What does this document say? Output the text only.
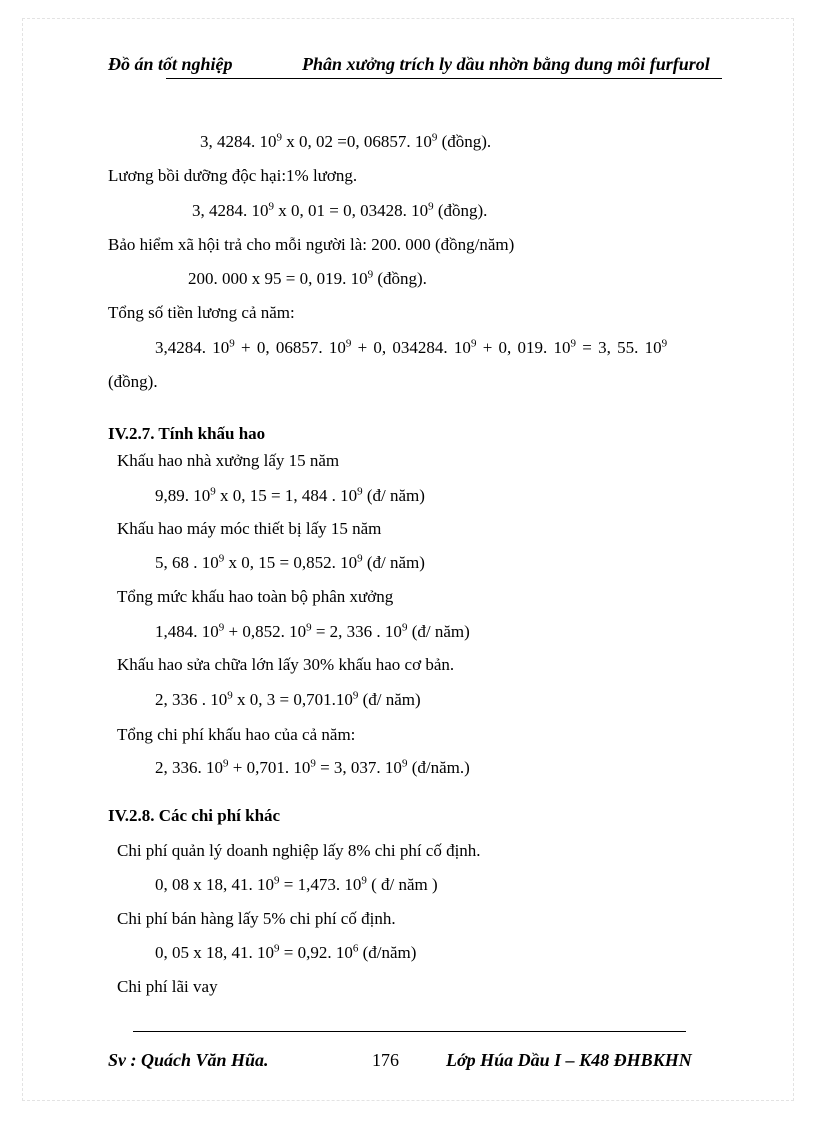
Đồ án tốt nghiệp	Phân xưởng trích ly dầu nhờn bằng dung môi furfurol
3, 4284. $10^9$ x 0, 02 =0, 06857. $10^9$ (đồng).
Lương bồi dưỡng độc hại:1% lương.
3, 4284. $10^9$ x 0, 01 = 0, 03428. $10^9$ (đồng).
Bảo hiểm xã hội trả cho mỗi người là: 200. 000 (đồng/năm)
200. 000 x 95 = 0, 019. $10^9$ (đồng).
Tổng số tiền lương cả năm:
3,4284. $10^9 + 0$, 06857. $10^9 + 0$, 034284. $10^9 + 0$, 019. $10^9 = 3$, 55. $10^9$
(đồng).
IV.2.7. Tính khấu hao
Khấu hao nhà xưởng lấy 15 năm
9,89. $10^9$ x 0, 15 = 1, 484 . $10^9$ (đ/ năm)
Khấu hao máy móc thiết bị lấy 15 năm
5, 68 . $10^9$ x 0, 15 = 0,852. $10^9$ (đ/ năm)
Tổng mức khấu hao toàn bộ phân xưởng
1,484. $10^9 + 0,852$. $10^9 = 2$, 336 . $10^9$ (đ/ năm)
Khấu hao sửa chữa lớn lấy 30% khấu hao cơ bản.
2, 336 . $10^9$ x 0, $3 = 0,701.10^9$ (đ/ năm)
Tổng chi phí khấu hao của cả năm:
2, 336. $10^9 + 0,701$. $10^9 = 3$, 037. $10^9$ (đ/năm.)
IV.2.8. Các chi phí khác
Chi phí quản lý doanh nghiệp lấy 8% chi phí cố định.
0, 08 x 18, 41. $10^9 = 1,473$. $10^9$ ( đ/ năm )
Chi phí bán hàng lấy 5% chi phí cố định.
0, 05 x 18, 41. $10^9 = 0,92$. $10^6$ (đ/năm)
Chi phí lãi vay
Sv : Quách Văn Hũa.	176	Lớp Húa Dầu I – K48 ĐHBKHN
